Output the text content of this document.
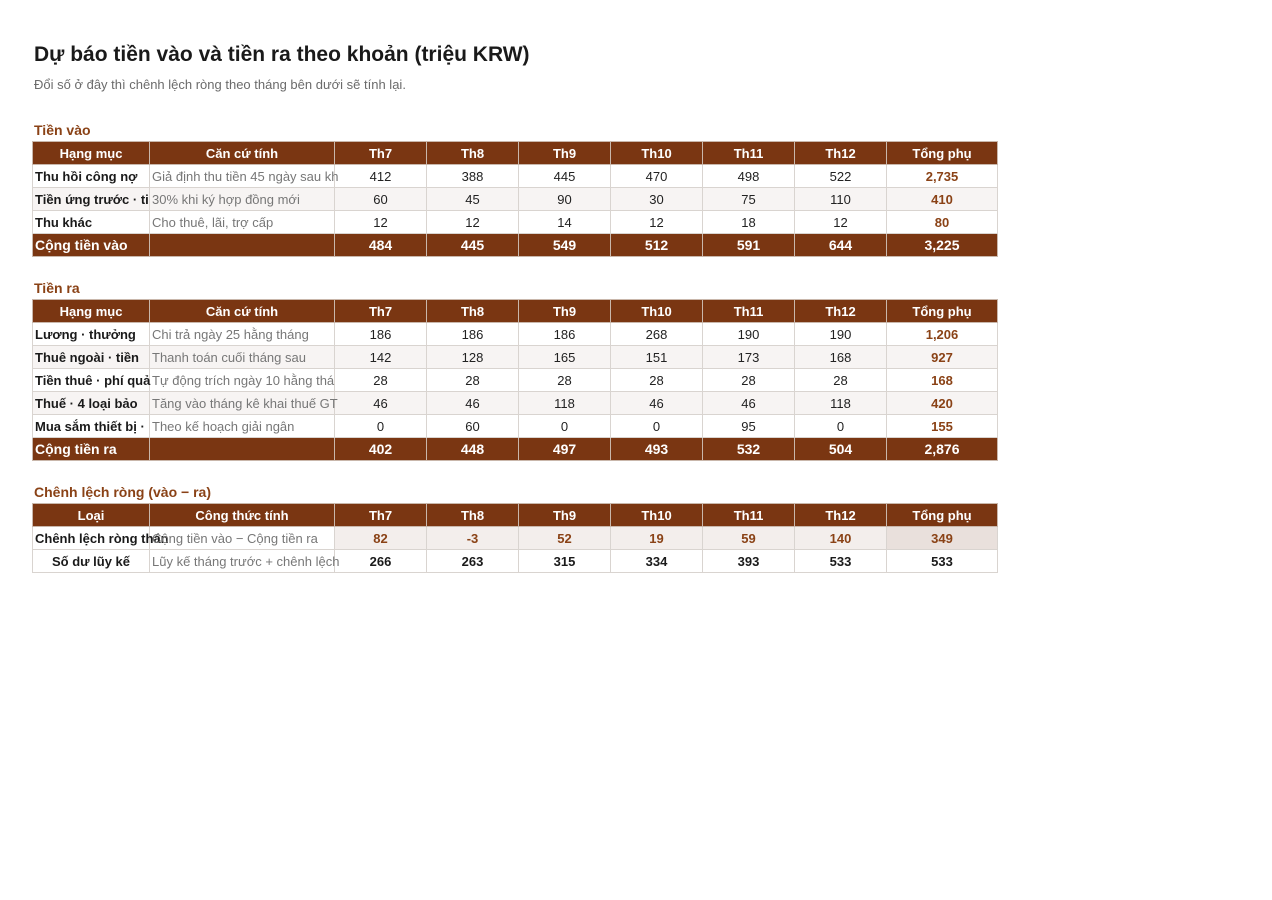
Dự báo tiền vào và tiền ra theo khoản (triệu KRW)
Đổi số ở đây thì chênh lệch ròng theo tháng bên dưới sẽ tính lại.
Tiền vào
Hạng mục	Căn cứ tính	Th7	Th8	Th9	Th10	Th11	Th12	Tổng phụ
Thu hồi công nợ	Giả định thu tiền 45 ngày sau kh	412	388	445	470	498	522	2,735
Tiền ứng trước · ti	30% khi ký hợp đồng mới	60	45	90	30	75	110	410
Thu khác	Cho thuê, lãi, trợ cấp	12	12	14	12	18	12	80
Cộng tiền vào		484	445	549	512	591	644	3,225
Tiền ra
Hạng mục	Căn cứ tính	Th7	Th8	Th9	Th10	Th11	Th12	Tổng phụ
Lương · thưởng	Chi trả ngày 25 hằng tháng	186	186	186	268	190	190	1,206
Thuê ngoài · tiền	Thanh toán cuối tháng sau	142	128	165	151	173	168	927
Tiền thuê · phí quả	Tự động trích ngày 10 hằng thá	28	28	28	28	28	28	168
Thuế · 4 loại bảo	Tăng vào tháng kê khai thuế GT	46	46	118	46	46	118	420
Mua sắm thiết bị ·	Theo kế hoạch giải ngân	0	60	0	0	95	0	155
Cộng tiền ra		402	448	497	493	532	504	2,876
Chênh lệch ròng (vào − ra)
Loại	Công thức tính	Th7	Th8	Th9	Th10	Th11	Th12	Tổng phụ
Chênh lệch ròng thán	Cộng tiền vào − Cộng tiền ra	82	-3	52	19	59	140	349
Số dư lũy kế	Lũy kế tháng trước + chênh lệch	266	263	315	334	393	533	533
